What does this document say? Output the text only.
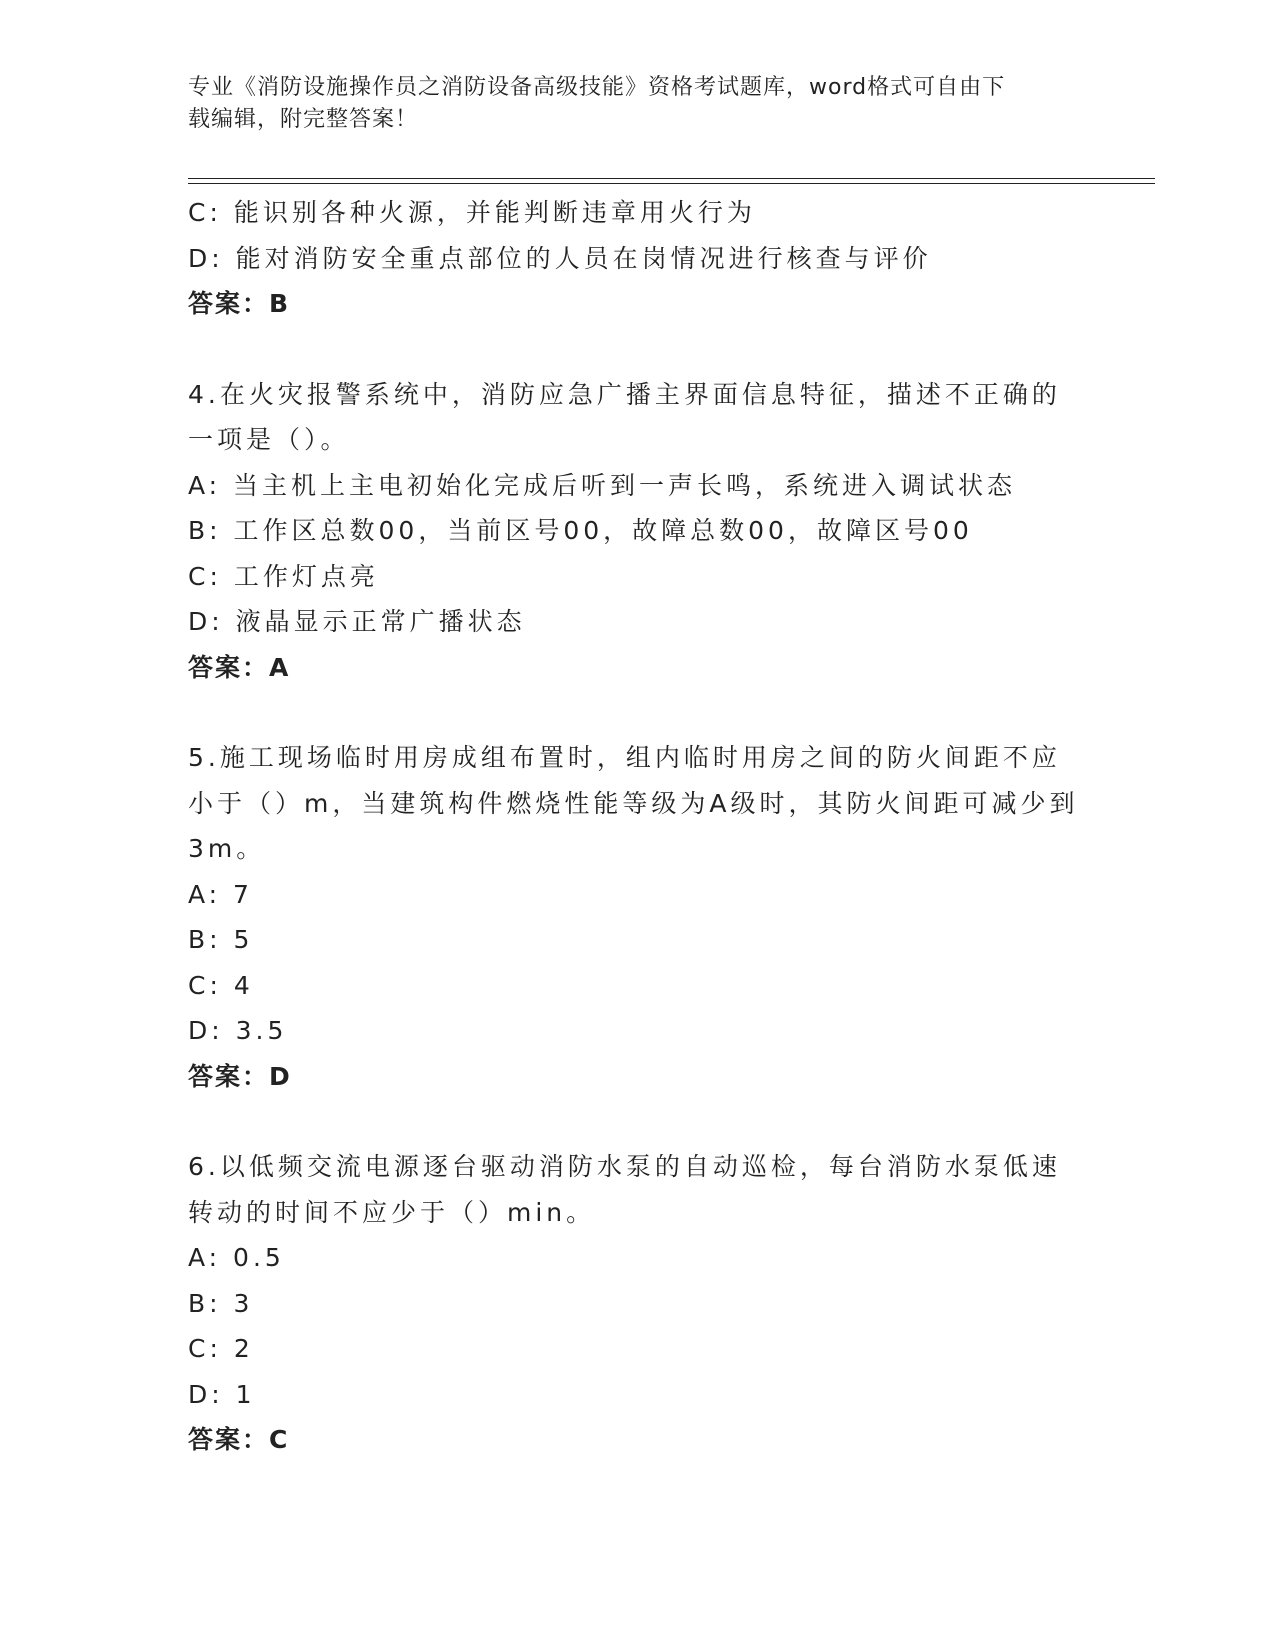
专业《消防设施操作员之消防设备高级技能》资格考试题库，word格式可自由下
载编辑，附完整答案！
C: 能识别各种火源，并能判断违章用火行为
D: 能对消防安全重点部位的人员在岗情况进行核查与评价
答案：B
4.在火灾报警系统中，消防应急广播主界面信息特征，描述不正确的
一项是（）。
A: 当主机上主电初始化完成后听到一声长鸣，系统进入调试状态
B: 工作区总数00，当前区号00，故障总数00，故障区号00
C: 工作灯点亮
D: 液晶显示正常广播状态
答案：A
5.施工现场临时用房成组布置时，组内临时用房之间的防火间距不应
小于（）m，当建筑构件燃烧性能等级为A级时，其防火间距可减少到
3m。
A: 7
B: 5
C: 4
D: 3.5
答案：D
6.以低频交流电源逐台驱动消防水泵的自动巡检，每台消防水泵低速
转动的时间不应少于（）min。
A: 0.5
B: 3
C: 2
D: 1
答案：C
